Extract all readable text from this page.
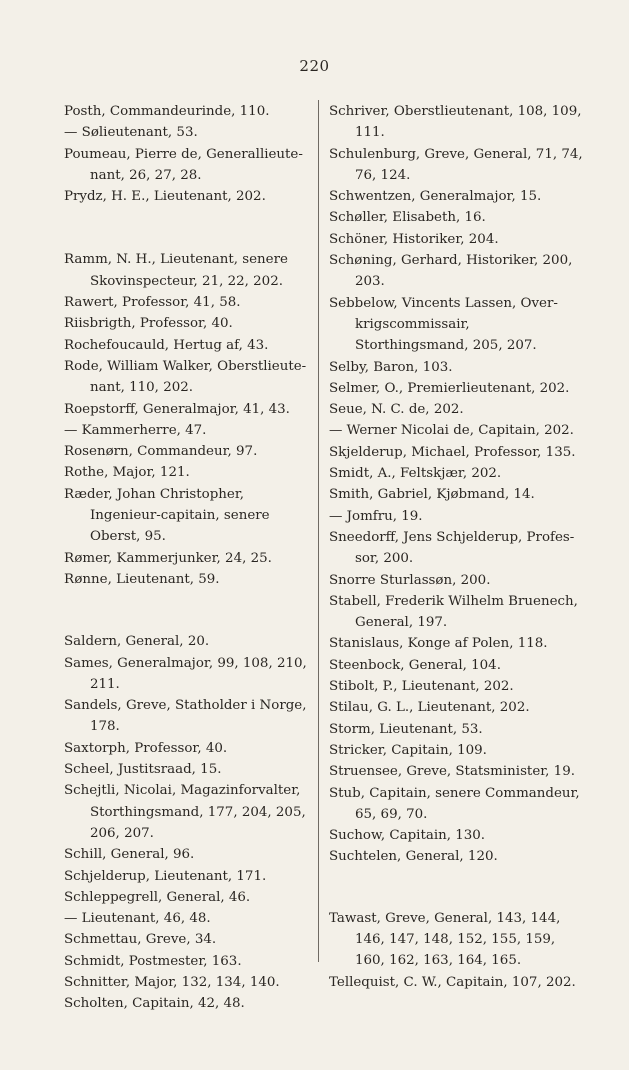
220
Posth, Commandeurinde, 110.
— Sølieutenant, 53.
Poumeau, Pierre de, Generallieute-nant, 26, 27, 28.
Prydz, H. E., Lieutenant, 202.
Ramm, N. H., Lieutenant, senere Skovinspecteur, 21, 22, 202.
Rawert, Professor, 41, 58.
Riisbrigth, Professor, 40.
Rochefoucauld, Hertug af, 43.
Rode, William Walker, Oberstlieute-nant, 110, 202.
Roepstorff, Generalmajor, 41, 43.
— Kammerherre, 47.
Rosenørn, Commandeur, 97.
Rothe, Major, 121.
Ræder, Johan Christopher, Ingenieur-capitain, senere Oberst, 95.
Rømer, Kammerjunker, 24, 25.
Rønne, Lieutenant, 59.
Saldern, General, 20.
Sames, Generalmajor, 99, 108, 210, 211.
Sandels, Greve, Statholder i Norge, 178.
Saxtorph, Professor, 40.
Scheel, Justitsraad, 15.
Schejtli, Nicolai, Magazinforvalter, Storthingsmand, 177, 204, 205, 206, 207.
Schill, General, 96.
Schjelderup, Lieutenant, 171.
Schleppegrell, General, 46.
— Lieutenant, 46, 48.
Schmettau, Greve, 34.
Schmidt, Postmester, 163.
Schnitter, Major, 132, 134, 140.
Scholten, Capitain, 42, 48.
Schriver, Oberstlieutenant, 108, 109, 111.
Schulenburg, Greve, General, 71, 74, 76, 124.
Schwentzen, Generalmajor, 15.
Schøller, Elisabeth, 16.
Schöner, Historiker, 204.
Schøning, Gerhard, Historiker, 200, 203.
Sebbelow, Vincents Lassen, Over-krigscommissair, Storthingsmand, 205, 207.
Selby, Baron, 103.
Selmer, O., Premierlieutenant, 202.
Seue, N. C. de, 202.
— Werner Nicolai de, Capitain, 202.
Skjelderup, Michael, Professor, 135.
Smidt, A., Feltskjær, 202.
Smith, Gabriel, Kjøbmand, 14.
— Jomfru, 19.
Sneedorff, Jens Schjelderup, Profes-sor, 200.
Snorre Sturlassøn, 200.
Stabell, Frederik Wilhelm Bruenech, General, 197.
Stanislaus, Konge af Polen, 118.
Steenbock, General, 104.
Stibolt, P., Lieutenant, 202.
Stilau, G. L., Lieutenant, 202.
Storm, Lieutenant, 53.
Stricker, Capitain, 109.
Struensee, Greve, Statsminister, 19.
Stub, Capitain, senere Commandeur, 65, 69, 70.
Suchow, Capitain, 130.
Suchtelen, General, 120.
Tawast, Greve, General, 143, 144, 146, 147, 148, 152, 155, 159, 160, 162, 163, 164, 165.
Tellequist, C. W., Capitain, 107, 202.
